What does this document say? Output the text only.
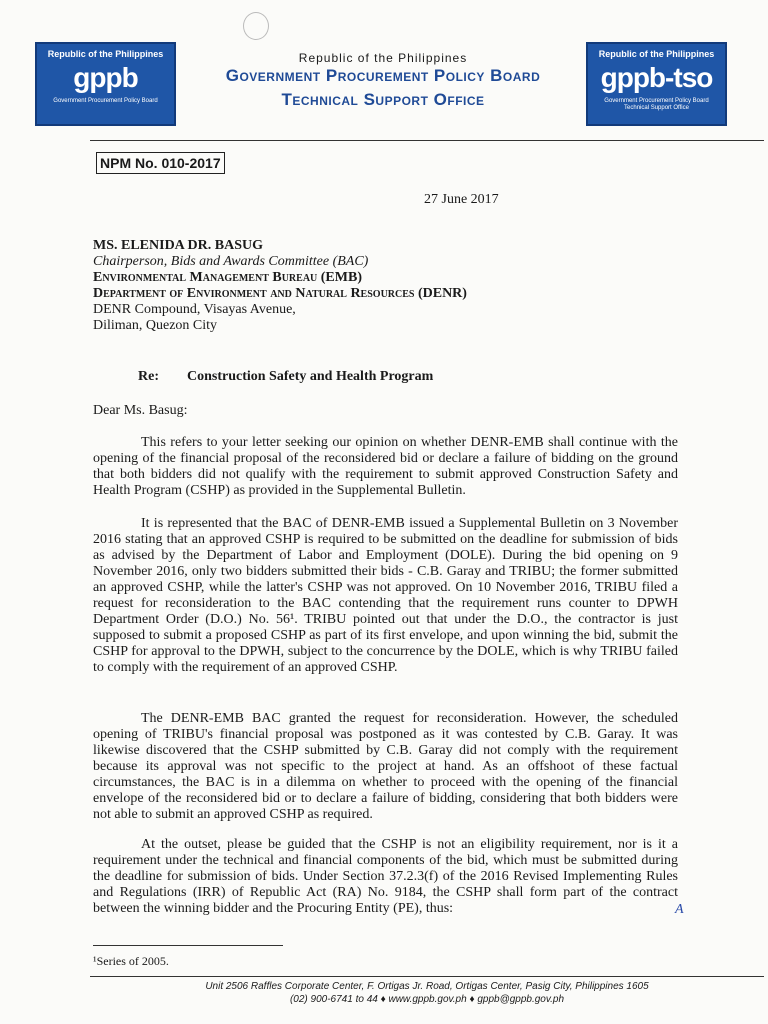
Republic of the Philippines
gppb
Government Procurement Policy Board
Republic of the Philippines
Government Procurement Policy Board
Technical Support Office
Republic of the Philippines
gppb-tso
Government Procurement Policy Board
Technical Support Office
NPM No. 010-2017
27 June 2017
MS. ELENIDA DR. BASUG
Chairperson, Bids and Awards Committee (BAC)
Environmental Management Bureau (EMB)
Department of Environment and Natural Resources (DENR)
DENR Compound, Visayas Avenue,
Diliman, Quezon City
Re: Construction Safety and Health Program
Dear Ms. Basug:
This refers to your letter seeking our opinion on whether DENR-EMB shall continue with the opening of the financial proposal of the reconsidered bid or declare a failure of bidding on the ground that both bidders did not qualify with the requirement to submit approved Construction Safety and Health Program (CSHP) as provided in the Supplemental Bulletin.
It is represented that the BAC of DENR-EMB issued a Supplemental Bulletin on 3 November 2016 stating that an approved CSHP is required to be submitted on the deadline for submission of bids as advised by the Department of Labor and Employment (DOLE). During the bid opening on 9 November 2016, only two bidders submitted their bids - C.B. Garay and TRIBU; the former submitted an approved CSHP, while the latter's CSHP was not approved. On 10 November 2016, TRIBU filed a request for reconsideration to the BAC contending that the requirement runs counter to DPWH Department Order (D.O.) No. 56¹. TRIBU pointed out that under the D.O., the contractor is just supposed to submit a proposed CSHP as part of its first envelope, and upon winning the bid, submit the CSHP for approval to the DPWH, subject to the concurrence by the DOLE, which is why TRIBU failed to comply with the requirement of an approved CSHP.
The DENR-EMB BAC granted the request for reconsideration. However, the scheduled opening of TRIBU's financial proposal was postponed as it was contested by C.B. Garay. It was likewise discovered that the CSHP submitted by C.B. Garay did not comply with the requirement because its approval was not specific to the project at hand. As an offshoot of these factual circumstances, the BAC is in a dilemma on whether to proceed with the opening of the financial envelope of the reconsidered bid or to declare a failure of bidding, considering that both bidders were not able to submit an approved CSHP as required.
At the outset, please be guided that the CSHP is not an eligibility requirement, nor is it a requirement under the technical and financial components of the bid, which must be submitted during the deadline for submission of bids. Under Section 37.2.3(f) of the 2016 Revised Implementing Rules and Regulations (IRR) of Republic Act (RA) No. 9184, the CSHP shall form part of the contract between the winning bidder and the Procuring Entity (PE), thus:	A
¹Series of 2005.
Unit 2506 Raffles Corporate Center, F. Ortigas Jr. Road, Ortigas Center, Pasig City, Philippines 1605
(02) 900-6741 to 44 ♦ www.gppb.gov.ph ♦ gppb@gppb.gov.ph
